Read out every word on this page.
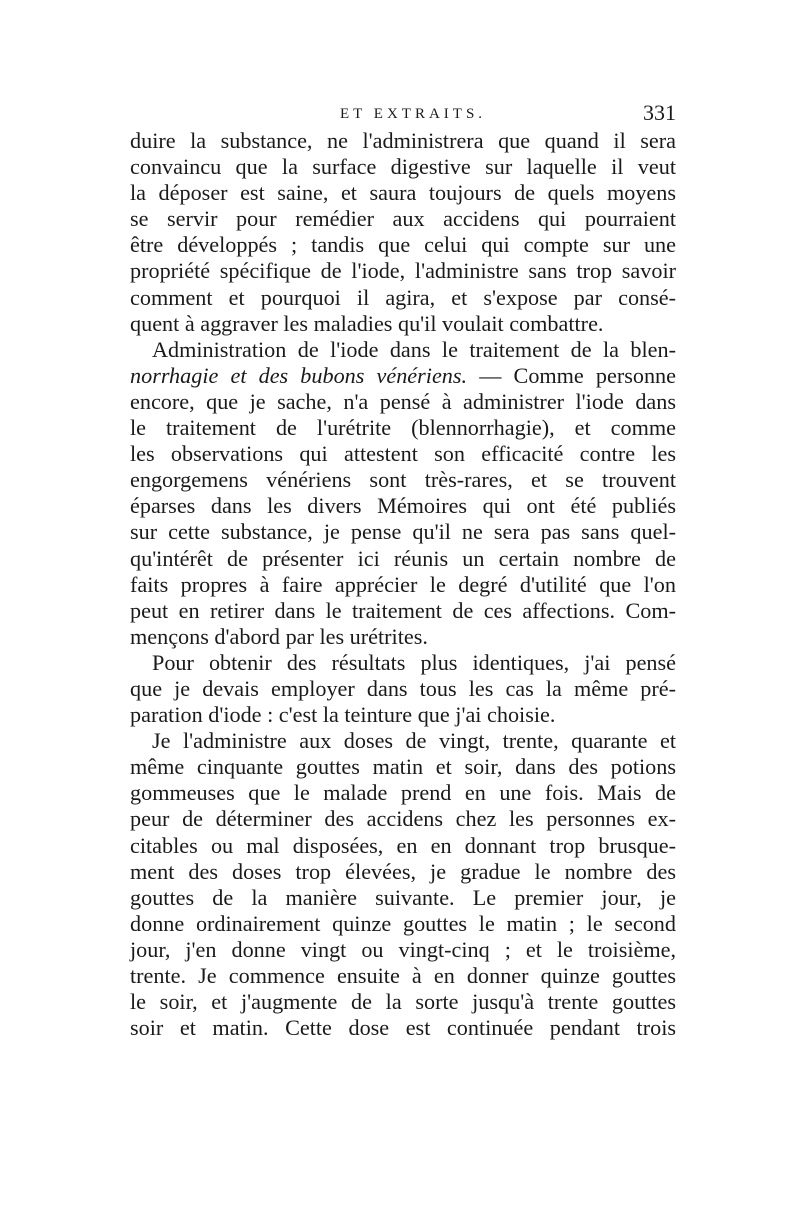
ET EXTRAITS.	331
duire la substance, ne l'administrera que quand il sera
convaincu que la surface digestive sur laquelle il veut
la déposer est saine, et saura toujours de quels moyens
se servir pour remédier aux accidens qui pourraient
être développés ; tandis que celui qui compte sur une
propriété spécifique de l'iode, l'administre sans trop savoir
comment et pourquoi il agira, et s'expose par consé-
quent à aggraver les maladies qu'il voulait combattre.
Administration de l'iode dans le traitement de la blen-
norrhagie et des bubons vénériens. — Comme personne
encore, que je sache, n'a pensé à administrer l'iode dans
le traitement de l'urétrite (blennorrhagie), et comme
les observations qui attestent son efficacité contre les
engorgemens vénériens sont très-rares, et se trouvent
éparses dans les divers Mémoires qui ont été publiés
sur cette substance, je pense qu'il ne sera pas sans quel-
qu'intérêt de présenter ici réunis un certain nombre de
faits propres à faire apprécier le degré d'utilité que l'on
peut en retirer dans le traitement de ces affections. Com-
mençons d'abord par les urétrites.
Pour obtenir des résultats plus identiques, j'ai pensé
que je devais employer dans tous les cas la même pré-
paration d'iode : c'est la teinture que j'ai choisie.
Je l'administre aux doses de vingt, trente, quarante et
même cinquante gouttes matin et soir, dans des potions
gommeuses que le malade prend en une fois. Mais de
peur de déterminer des accidens chez les personnes ex-
citables ou mal disposées, en en donnant trop brusque-
ment des doses trop élevées, je gradue le nombre des
gouttes de la manière suivante. Le premier jour, je
donne ordinairement quinze gouttes le matin ; le second
jour, j'en donne vingt ou vingt-cinq ; et le troisième,
trente. Je commence ensuite à en donner quinze gouttes
le soir, et j'augmente de la sorte jusqu'à trente gouttes
soir et matin. Cette dose est continuée pendant trois
